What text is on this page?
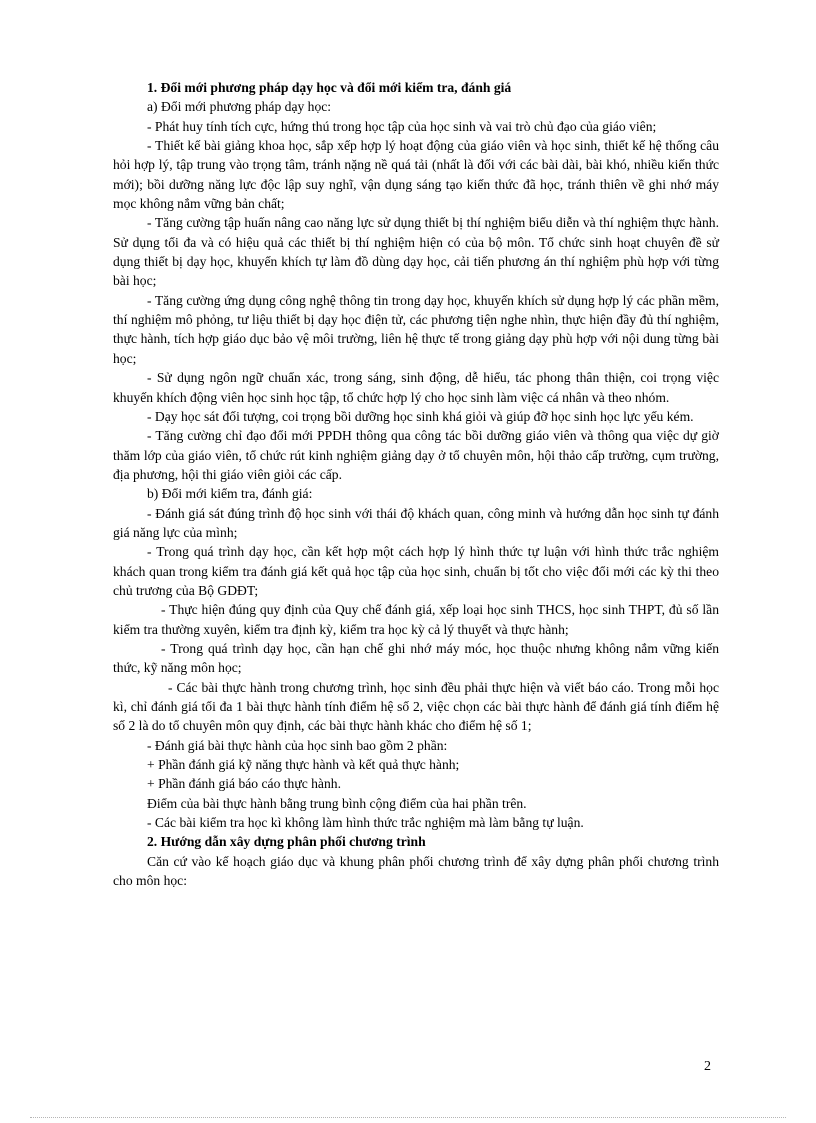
1. Đổi mới phương pháp dạy học và đổi mới kiểm tra, đánh giá

a) Đổi mới phương pháp dạy học:

- Phát huy tính tích cực, hứng thú trong học tập của học sinh và vai trò chủ đạo của giáo viên;

- Thiết kế bài giảng khoa học, sắp xếp hợp lý hoạt động của giáo viên và học sinh, thiết kế hệ thống câu hỏi hợp lý, tập trung vào trọng tâm, tránh nặng nề quá tải (nhất là đối với các bài dài, bài khó, nhiều kiến thức mới); bồi dưỡng năng lực độc lập suy nghĩ, vận dụng sáng tạo kiến thức đã học, tránh thiên về ghi nhớ máy mọc không nắm vững bản chất;

- Tăng cường tập huấn nâng cao năng lực sử dụng thiết bị thí nghiệm biểu diễn và thí nghiệm thực hành. Sử dụng tối đa và có hiệu quả các thiết bị thí nghiệm hiện có của bộ môn. Tổ chức sinh hoạt chuyên đề sử dụng thiết bị dạy học, khuyến khích tự làm đồ dùng dạy học, cải tiến phương án thí nghiệm phù hợp với từng bài học;

- Tăng cường ứng dụng công nghệ thông tin trong dạy học, khuyến khích sử dụng hợp lý các phần mềm, thí nghiệm mô phỏng, tư liệu thiết bị dạy học điện tử, các phương tiện nghe nhìn, thực hiện đầy đủ thí nghiệm, thực hành, tích hợp giáo dục bảo vệ môi trường, liên hệ thực tế trong giảng dạy phù hợp với nội dung từng bài học;

- Sử dụng ngôn ngữ chuẩn xác, trong sáng, sinh động, dễ hiểu, tác phong thân thiện, coi trọng việc khuyến khích động viên học sinh học tập, tổ chức hợp lý cho học sinh làm việc cá nhân và theo nhóm.

- Dạy học sát đối tượng, coi trọng bồi dưỡng học sinh khá giỏi và giúp đỡ học sinh học lực yếu kém.

- Tăng cường chỉ đạo đổi mới PPDH thông qua công tác bồi dưỡng giáo viên và thông qua việc dự giờ thăm lớp của giáo viên, tổ chức rút kinh nghiệm giảng dạy ở tổ chuyên môn, hội thảo cấp trường, cụm trường, địa phương, hội thi giáo viên giỏi các cấp.

b) Đổi mới kiểm tra, đánh giá:

- Đánh giá sát đúng trình độ học sinh với thái độ khách quan, công minh và hướng dẫn học sinh tự đánh giá năng lực của mình;

- Trong quá trình dạy học, cần kết hợp một cách hợp lý hình thức tự luận với hình thức trắc nghiệm khách quan trong kiểm tra đánh giá kết quả học tập của học sinh, chuẩn bị tốt cho việc đổi mới các kỳ thi theo chủ trương của Bộ GDĐT;

- Thực hiện đúng quy định của Quy chế đánh giá, xếp loại học sinh THCS, học sinh THPT, đủ số lần kiểm tra thường xuyên, kiểm tra định kỳ, kiểm tra học kỳ cả lý thuyết và thực hành;

- Trong quá trình dạy học, cần hạn chế ghi nhớ máy móc, học thuộc nhưng không nắm vững kiến thức, kỹ năng môn học;

- Các bài thực hành trong chương trình, học sinh đều phải thực hiện và viết báo cáo. Trong mỗi học kì, chỉ đánh giá tối đa 1 bài thực hành tính điểm hệ số 2, việc chọn các bài thực hành để đánh giá tính điểm hệ số 2 là do tổ chuyên môn quy định, các bài thực hành khác cho điểm hệ số 1;

- Đánh giá bài thực hành của học sinh bao gồm 2 phần:

+ Phần đánh giá kỹ năng thực hành và kết quả thực hành;

+ Phần đánh giá báo cáo thực hành.

Điểm của bài thực hành bằng trung bình cộng điểm của hai phần trên.

- Các bài kiểm tra học kì không làm hình thức trắc nghiệm mà làm bằng tự luận.

2. Hướng dẫn xây dựng phân phối chương trình

Căn cứ vào kế hoạch giáo dục và khung phân phối chương trình để xây dựng phân phối chương trình cho môn học:

2
